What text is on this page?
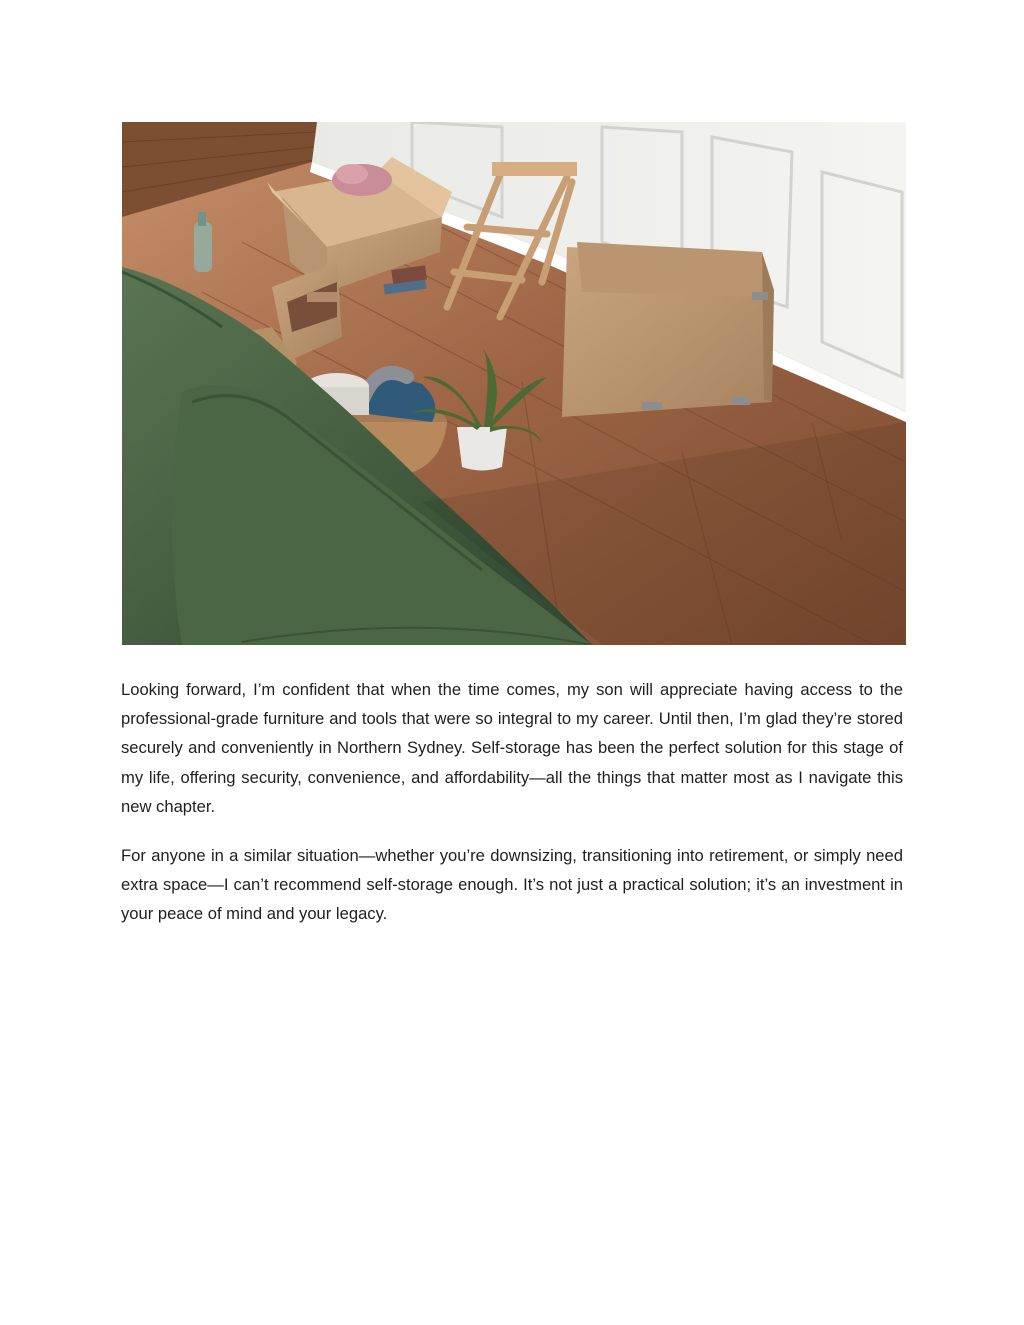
Looking forward, I’m confident that when the time comes, my son will appreciate having access to the professional-grade furniture and tools that were so integral to my career. Until then, I’m glad they’re stored securely and conveniently in Northern Sydney. Self-storage has been the perfect solution for this stage of my life, offering security, convenience, and affordability—all the things that matter most as I navigate this new chapter.

For anyone in a similar situation—whether you’re downsizing, transitioning into retirement, or simply need extra space—I can’t recommend self-storage enough. It’s not just a practical solution; it’s an investment in your peace of mind and your legacy.
